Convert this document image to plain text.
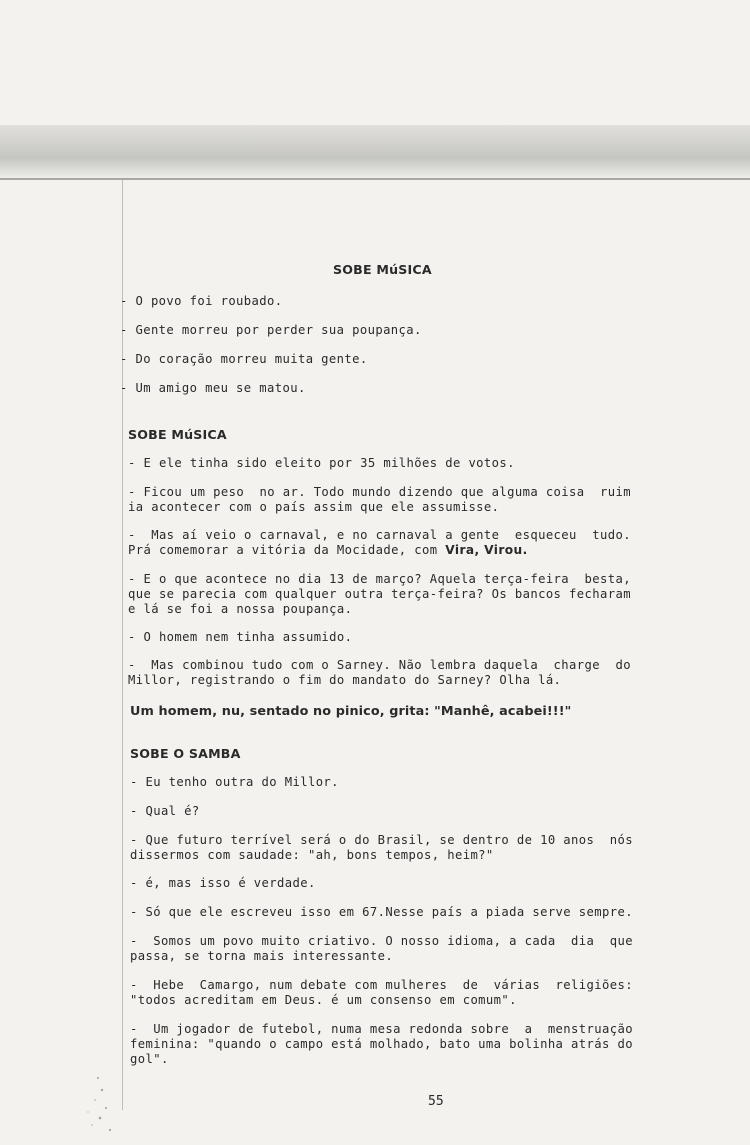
SOBE MúSICA
- O povo foi roubado.
- Gente morreu por perder sua poupança.
- Do coração morreu muita gente.
- Um amigo meu se matou.
SOBE MúSICA
- E ele tinha sido eleito por 35 milhões de votos.
- Ficou um peso  no ar. Todo mundo dizendo que alguma coisa  ruim
ia acontecer com o país assim que ele assumisse.
-  Mas aí veio o carnaval, e no carnaval a gente  esqueceu  tudo.
Prá comemorar a vitória da Mocidade, com Vira, Virou.
- E o que acontece no dia 13 de março? Aquela terça-feira  besta,
que se parecia com qualquer outra terça-feira? Os bancos fecharam
e lá se foi a nossa poupança.
- O homem nem tinha assumido.
-  Mas combinou tudo com o Sarney. Não lembra daquela  charge  do
Millor, registrando o fim do mandato do Sarney? Olha lá.
Um homem, nu, sentado no pinico, grita: "Manhê, acabei!!!"
SOBE O SAMBA
- Eu tenho outra do Millor.
- Qual é?
- Que futuro terrível será o do Brasil, se dentro de 10 anos  nós
dissermos com saudade: "ah, bons tempos, heim?"
- é, mas isso é verdade.
- Só que ele escreveu isso em 67.Nesse país a piada serve sempre.
-  Somos um povo muito criativo. O nosso idioma, a cada  dia  que
passa, se torna mais interessante.
-  Hebe  Camargo, num debate com mulheres  de  várias  religiões:
"todos acreditam em Deus. é um consenso em comum".
-  Um jogador de futebol, numa mesa redonda sobre  a  menstruação
feminina: "quando o campo está molhado, bato uma bolinha atrás do
gol".
55
